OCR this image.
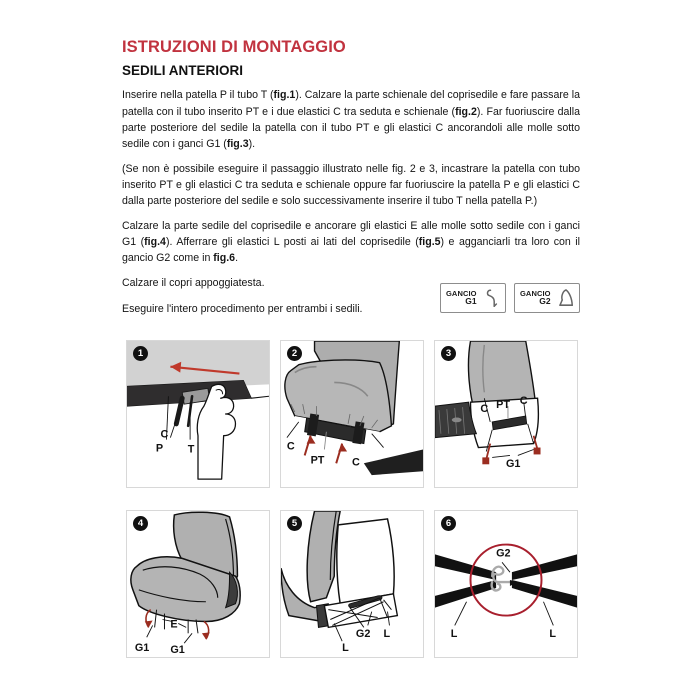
ISTRUZIONI DI MONTAGGIO
SEDILI ANTERIORI

Inserire nella patella P il tubo T (fig.1). Calzare la parte schienale del coprisedile e fare passare la patella con il tubo inserito PT e i due elastici C tra seduta e schienale (fig.2). Far fuoriuscire dalla parte posteriore del sedile la patella con il tubo PT e gli elastici C ancorandoli alle molle sotto sedile con i ganci G1 (fig.3).

(Se non è possibile eseguire il passaggio illustrato nelle fig. 2 e 3, incastrare la patella con tubo inserito PT e gli elastici C tra seduta e schienale oppure far fuoriuscire la patella P e gli elastici C dalla parte posteriore del sedile e solo successivamente inserire il tubo T nella patella P.)

Calzare la parte sedile del coprisedile e ancorare gli elastici E alle molle sotto sedile con i ganci G1 (fig.4). Afferrare gli elastici L posti ai lati del coprisedile (fig.5) e agganciarli tra loro con il gancio G2 come in fig.6.

Calzare il copri appoggiatesta.

Eseguire l'intero procedimento per entrambi i sedili.

GANCIO
G1
GANCIO
G2
1
P
C
T
2
C
PT	C
3
C PT C
G1
4
E
G1 G1
5
G2 L
L
6
G2
L	L
